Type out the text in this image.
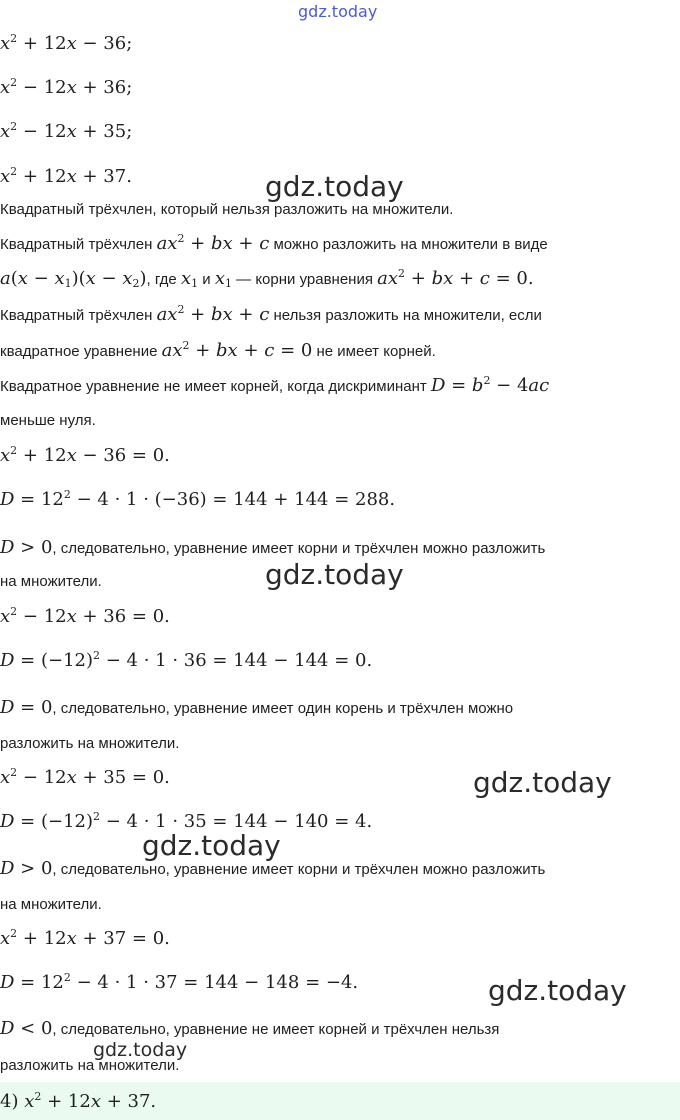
gdz.today
gdz.today
gdz.today
gdz.today
gdz.today
gdz.today
gdz.today
$x^2 + 12x - 36$;
$x^2 - 12x + 36$;
$x^2 - 12x + 35$;
$x^2 + 12x + 37$.
Квадратный трёхчлен, который нельзя разложить на множители.
Квадратный трёхчлен $ax^2$ + bx + c можно разложить на множители в виде
$a(x - x_1)(x - x_2)$, где $x_1$ и $x_1$ — корни уравнения $ax^2$ + bx + c = 0.
Квадратный трёхчлен $ax^2$ + bx + c нельзя разложить на множители, если
квадратное уравнение $ax^2$ + bx + c = 0 не имеет корней.
Квадратное уравнение не имеет корней, когда дискриминант $D = b^2 - 4ac$
меньше нуля.
$x^2 + 12x - 36 = 0$.
$D = 12^2 - 4 \cdot 1 \cdot (-36) = 144 + 144 = 288$.
D > 0, следовательно, уравнение имеет корни и трёхчлен можно разложить
на множители.
$x^2 - 12x + 36 = 0$.
$D = (-12)^2 - 4 \cdot 1 \cdot 36 = 144 - 144 = 0$.
D = 0, следовательно, уравнение имеет один корень и трёхчлен можно
разложить на множители.
$x^2 - 12x + 35 = 0$.
$D = (-12)^2 - 4 \cdot 1 \cdot 35 = 144 - 140 = 4$.
D > 0, следовательно, уравнение имеет корни и трёхчлен можно разложить
на множители.
$x^2 + 12x + 37 = 0$.
$D = 12^2 - 4 \cdot 1 \cdot 37 = 144 - 148 = -4$.
D < 0, следовательно, уравнение не имеет корней и трёхчлен нельзя
разложить на множители.
4) $x^2 + 12x + 37$.
